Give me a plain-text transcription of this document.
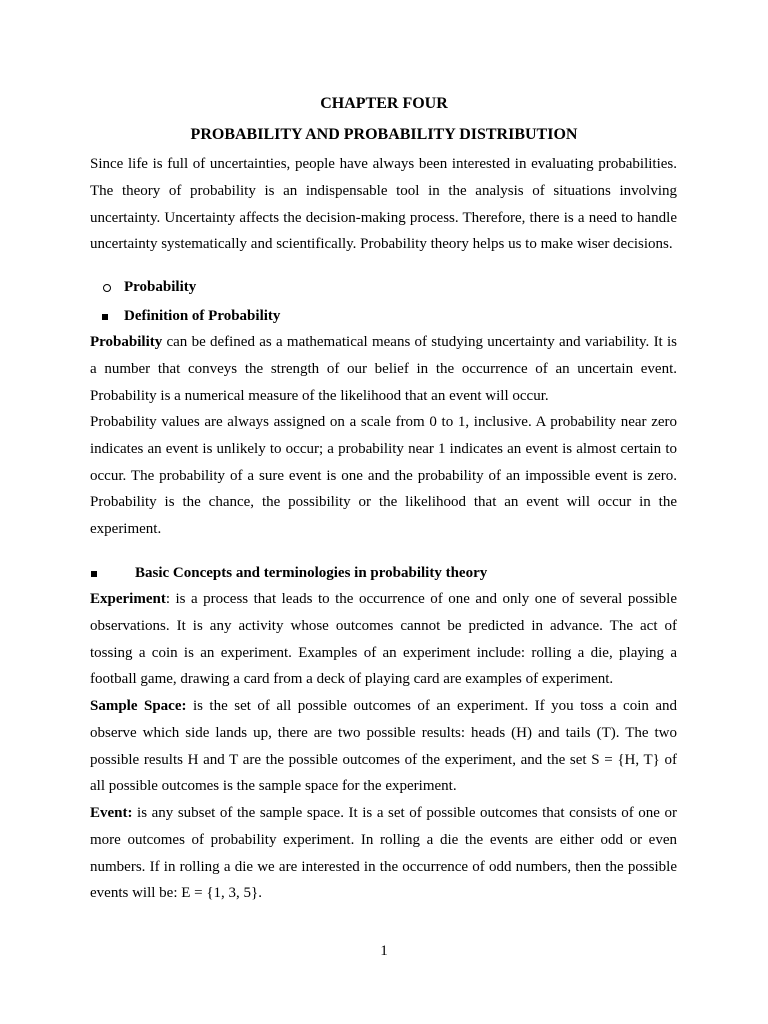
CHAPTER FOUR
PROBABILITY AND PROBABILITY DISTRIBUTION

Since life is full of uncertainties, people have always been interested in evaluating probabilities. The theory of probability is an indispensable tool in the analysis of situations involving uncertainty. Uncertainty affects the decision-making process. Therefore, there is a need to handle uncertainty systematically and scientifically. Probability theory helps us to make wiser decisions.

Probability
Definition of Probability

Probability can be defined as a mathematical means of studying uncertainty and variability. It is a number that conveys the strength of our belief in the occurrence of an uncertain event. Probability is a numerical measure of the likelihood that an event will occur.

Probability values are always assigned on a scale from 0 to 1, inclusive. A probability near zero indicates an event is unlikely to occur; a probability near 1 indicates an event is almost certain to occur. The probability of a sure event is one and the probability of an impossible event is zero. Probability is the chance, the possibility or the likelihood that an event will occur in the experiment.

Basic Concepts and terminologies in probability theory

Experiment: is a process that leads to the occurrence of one and only one of several possible observations. It is any activity whose outcomes cannot be predicted in advance. The act of tossing a coin is an experiment. Examples of an experiment include: rolling a die, playing a football game, drawing a card from a deck of playing card are examples of experiment.

Sample Space: is the set of all possible outcomes of an experiment. If you toss a coin and observe which side lands up, there are two possible results: heads (H) and tails (T). The two possible results H and T are the possible outcomes of the experiment, and the set S = {H, T} of all possible outcomes is the sample space for the experiment.

Event: is any subset of the sample space. It is a set of possible outcomes that consists of one or more outcomes of probability experiment. In rolling a die the events are either odd or even numbers. If in rolling a die we are interested in the occurrence of odd numbers, then the possible events will be: E = {1, 3, 5}.

1
